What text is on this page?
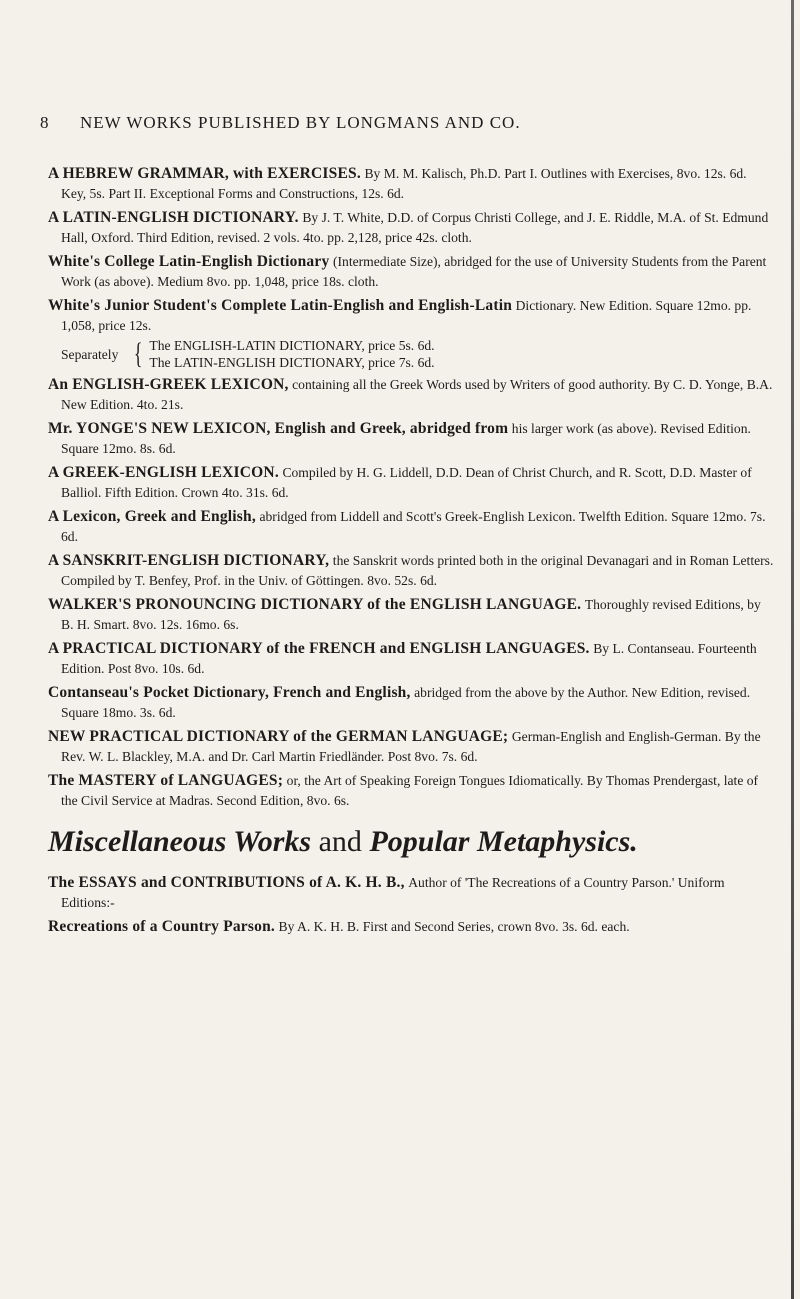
8	NEW WORKS PUBLISHED BY LONGMANS AND CO.
A HEBREW GRAMMAR, with EXERCISES. By M. M. Kalisch, Ph.D. Part I. Outlines with Exercises, 8vo. 12s. 6d. Key, 5s. Part II. Exceptional Forms and Constructions, 12s. 6d.
A LATIN-ENGLISH DICTIONARY. By J. T. White, D.D. of Corpus Christi College, and J. E. Riddle, M.A. of St. Edmund Hall, Oxford. Third Edition, revised. 2 vols. 4to. pp. 2,128, price 42s. cloth.
White's College Latin-English Dictionary (Intermediate Size), abridged for the use of University Students from the Parent Work (as above). Medium 8vo. pp. 1,048, price 18s. cloth.
White's Junior Student's Complete Latin-English and English-Latin Dictionary. New Edition. Square 12mo. pp. 1,058, price 12s.
Separately { The ENGLISH-LATIN DICTIONARY, price 5s. 6d.
The LATIN-ENGLISH DICTIONARY, price 7s. 6d.
An ENGLISH-GREEK LEXICON, containing all the Greek Words used by Writers of good authority. By C. D. Yonge, B.A. New Edition. 4to. 21s.
Mr. YONGE'S NEW LEXICON, English and Greek, abridged from his larger work (as above). Revised Edition. Square 12mo. 8s. 6d.
A GREEK-ENGLISH LEXICON. Compiled by H. G. Liddell, D.D. Dean of Christ Church, and R. Scott, D.D. Master of Balliol. Fifth Edition. Crown 4to. 31s. 6d.
A Lexicon, Greek and English, abridged from Liddell and Scott's Greek-English Lexicon. Twelfth Edition. Square 12mo. 7s. 6d.
A SANSKRIT-ENGLISH DICTIONARY, the Sanskrit words printed both in the original Devanagari and in Roman Letters. Compiled by T. Benfey, Prof. in the Univ. of Göttingen. 8vo. 52s. 6d.
WALKER'S PRONOUNCING DICTIONARY of the ENGLISH LANGUAGE. Thoroughly revised Editions, by B. H. Smart. 8vo. 12s. 16mo. 6s.
A PRACTICAL DICTIONARY of the FRENCH and ENGLISH LANGUAGES. By L. Contanseau. Fourteenth Edition. Post 8vo. 10s. 6d.
Contanseau's Pocket Dictionary, French and English, abridged from the above by the Author. New Edition, revised. Square 18mo. 3s. 6d.
NEW PRACTICAL DICTIONARY of the GERMAN LANGUAGE; German-English and English-German. By the Rev. W. L. Blackley, M.A. and Dr. Carl Martin Friedländer. Post 8vo. 7s. 6d.
The MASTERY of LANGUAGES; or, the Art of Speaking Foreign Tongues Idiomatically. By Thomas Prendergast, late of the Civil Service at Madras. Second Edition, 8vo. 6s.
Miscellaneous Works and Popular Metaphysics.
The ESSAYS and CONTRIBUTIONS of A. K. H. B., Author of 'The Recreations of a Country Parson.' Uniform Editions:-
Recreations of a Country Parson. By A. K. H. B. First and Second Series, crown 8vo. 3s. 6d. each.
